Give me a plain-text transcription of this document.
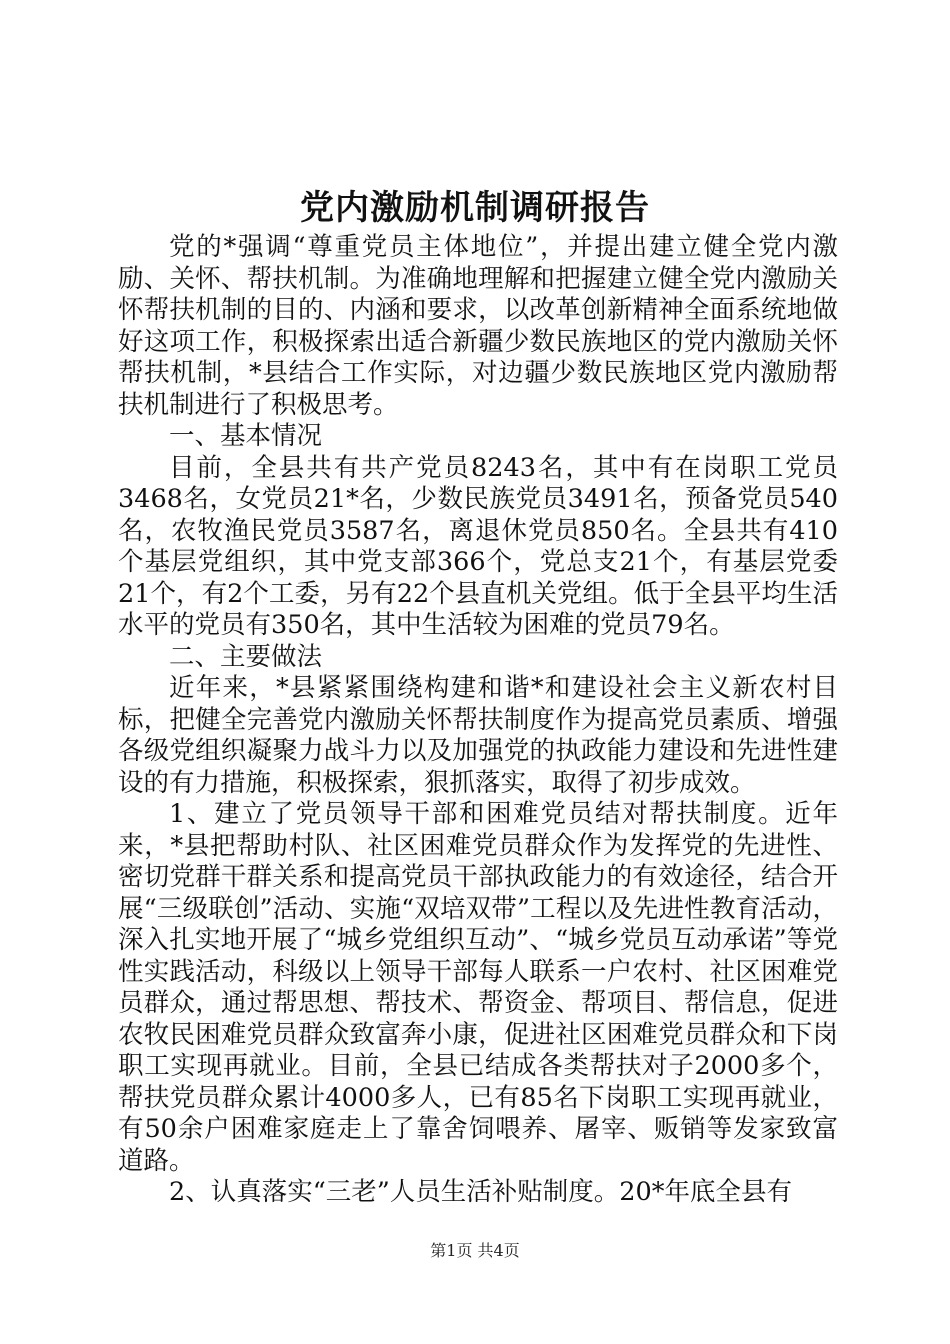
党内激励机制调研报告

党的*强调“尊重党员主体地位”，并提出建立健全党内激励、关怀、帮扶机制。为准确地理解和把握建立健全党内激励关怀帮扶机制的目的、内涵和要求，以改革创新精神全面系统地做好这项工作，积极探索出适合新疆少数民族地区的党内激励关怀帮扶机制，*县结合工作实际，对边疆少数民族地区党内激励帮扶机制进行了积极思考。

一、基本情况

目前，全县共有共产党员8243名，其中有在岗职工党员3468名，女党员21*名，少数民族党员3491名，预备党员540名，农牧渔民党员3587名，离退休党员850名。全县共有410个基层党组织，其中党支部366个，党总支21个，有基层党委21个，有2个工委，另有22个县直机关党组。低于全县平均生活水平的党员有350名，其中生活较为困难的党员79名。

二、主要做法

近年来，*县紧紧围绕构建和谐*和建设社会主义新农村目标，把健全完善党内激励关怀帮扶制度作为提高党员素质、增强各级党组织凝聚力战斗力以及加强党的执政能力建设和先进性建设的有力措施，积极探索，狠抓落实，取得了初步成效。

1、建立了党员领导干部和困难党员结对帮扶制度。近年来，*县把帮助村队、社区困难党员群众作为发挥党的先进性、密切党群干群关系和提高党员干部执政能力的有效途径，结合开展“三级联创”活动、实施“双培双带”工程以及先进性教育活动，深入扎实地开展了“城乡党组织互动”、“城乡党员互动承诺”等党性实践活动，科级以上领导干部每人联系一户农村、社区困难党员群众，通过帮思想、帮技术、帮资金、帮项目、帮信息，促进农牧民困难党员群众致富奔小康，促进社区困难党员群众和下岗职工实现再就业。目前，全县已结成各类帮扶对子2000多个，帮扶党员群众累计4000多人，已有85名下岗职工实现再就业，有50余户困难家庭走上了靠舍饲喂养、屠宰、贩销等发家致富道路。

2、认真落实“三老”人员生活补贴制度。20*年底全县有

第1页 共4页
